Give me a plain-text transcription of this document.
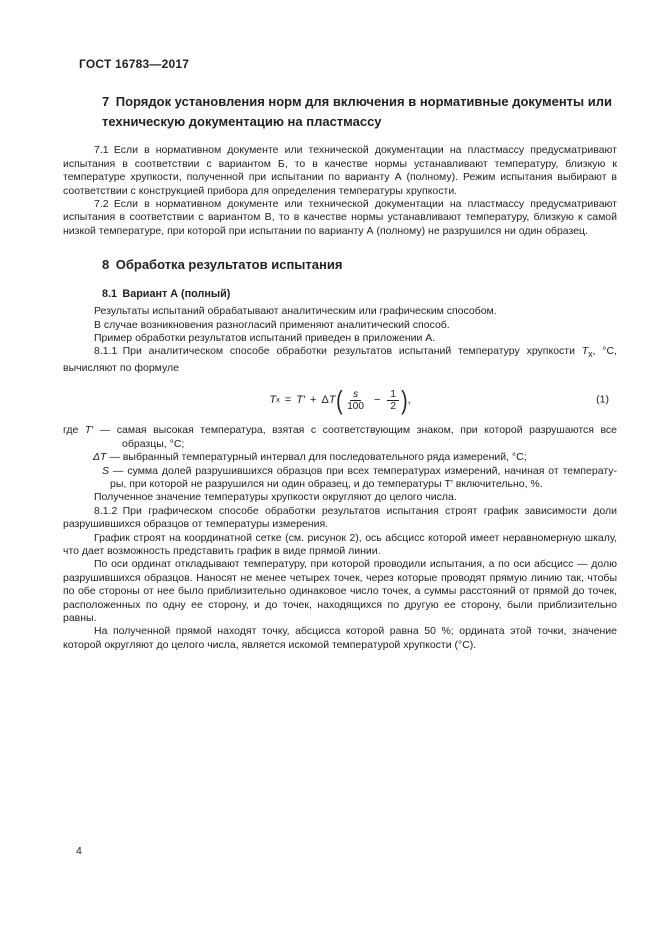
ГОСТ 16783—2017
7 Порядок установления норм для включения в нормативные документы или техническую документацию на пластмассу

7.1 Если в нормативном документе или технической документации на пластмассу предусматривают испытания в соответствии с вариантом Б, то в качестве нормы устанавливают температуру, близкую к температуре хрупкости, полученной при испытании по варианту А (полному). Режим испытания выбирают в соответствии с конструкцией прибора для определения температуры хрупкости.

7.2 Если в нормативном документе или технической документации на пластмассу предусматривают испытания в соответствии с вариантом В, то в качестве нормы устанавливают температуру, близкую к самой низкой температуре, при которой при испытании по варианту А (полному) не разрушился ни один образец.

8 Обработка результатов испытания
8.1 Вариант А (полный)

Результаты испытаний обрабатывают аналитическим или графическим способом.

В случае возникновения разногласий применяют аналитический способ.

Пример обработки результатов испытаний приведен в приложении А.

8.1.1 При аналитическом способе обработки результатов испытаний температуру хрупкости $T_х$, °С, вычисляют по формуле

T х = T′ + Δ T ( $\frac{s}{100} - \frac{1}{2}$ ) ,	(1)
где T′ — самая высокая температура, взятая с соответствующим знаком, при которой разрушаются все образцы, °С;
ΔT — выбранный температурный интервал для последовательного ряда измерений, °С;
S — сумма долей разрушившихся образцов при всех температурах измерений, начиная от температуры, при которой не разрушился ни один образец, и до температуры T′ включительно, %.

Полученное значение температуры хрупкости округляют до целого числа.

8.1.2 При графическом способе обработки результатов испытания строят график зависимости доли разрушившихся образцов от температуры измерения.

График строят на координатной сетке (см. рисунок 2), ось абсцисс которой имеет неравномерную шкалу, что дает возможность представить график в виде прямой линии.

По оси ординат откладывают температуру, при которой проводили испытания, а по оси абсцисс — долю разрушившихся образцов. Наносят не менее четырех точек, через которые проводят прямую линию так, чтобы по обе стороны от нее было приблизительно одинаковое число точек, а суммы расстояний от прямой до точек, расположенных по одну ее сторону, и до точек, находящихся по другую ее сторону, были приблизительно равны.

На полученной прямой находят точку, абсцисса которой равна 50 %; ордината этой точки, значение которой округляют до целого числа, является искомой температурой хрупкости (°С).

4
